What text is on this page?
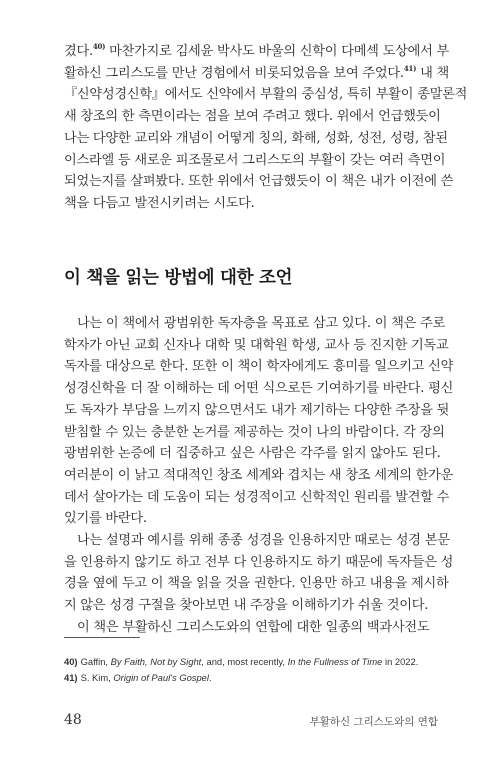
겼다.$^{40)}$ 마찬가지로 김세윤 박사도 바울의 신학이 다메섹 도상에서 부
활하신 그리스도를 만난 경험에서 비롯되었음을 보여 주었다.$^{41)}$ 내 책
『신약성경신학』에서도 신약에서 부활의 중심성, 특히 부활이 종말론적
새 창조의 한 측면이라는 점을 보여 주려고 했다. 위에서 언급했듯이
나는 다양한 교리와 개념이 어떻게 칭의, 화해, 성화, 성전, 성령, 참된
이스라엘 등 새로운 피조물로서 그리스도의 부활이 갖는 여러 측면이
되었는지를 살펴봤다. 또한 위에서 언급했듯이 이 책은 내가 이전에 쓴
책을 다듬고 발전시키려는 시도다.

이 책을 읽는 방법에 대한 조언

나는 이 책에서 광범위한 독자층을 목표로 삼고 있다. 이 책은 주로
학자가 아닌 교회 신자나 대학 및 대학원 학생, 교사 등 진지한 기독교
독자를 대상으로 한다. 또한 이 책이 학자에게도 흥미를 일으키고 신약
성경신학을 더 잘 이해하는 데 어떤 식으로든 기여하기를 바란다. 평신
도 독자가 부담을 느끼지 않으면서도 내가 제기하는 다양한 주장을 뒷
받침할 수 있는 충분한 논거를 제공하는 것이 나의 바람이다. 각 장의
광범위한 논증에 더 집중하고 싶은 사람은 각주를 읽지 않아도 된다.
여러분이 이 낡고 적대적인 창조 세계와 겹치는 새 창조 세계의 한가운
데서 살아가는 데 도움이 되는 성경적이고 신학적인 원리를 발견할 수
있기를 바란다.
나는 설명과 예시를 위해 종종 성경을 인용하지만 때로는 성경 본문
을 인용하지 않기도 하고 전부 다 인용하지도 하기 때문에 독자들은 성
경을 옆에 두고 이 책을 읽을 것을 권한다. 인용만 하고 내용을 제시하
지 않은 성경 구절을 찾아보면 내 주장을 이해하기가 쉬울 것이다.
이 책은 부활하신 그리스도와의 연합에 대한 일종의 백과사전도

40) Gaffin, By Faith, Not by Sight, and, most recently, In the Fullness of Time in 2022.
41) S. Kim, Origin of Paul's Gospel.
48	부활하신 그리스도와의 연합
